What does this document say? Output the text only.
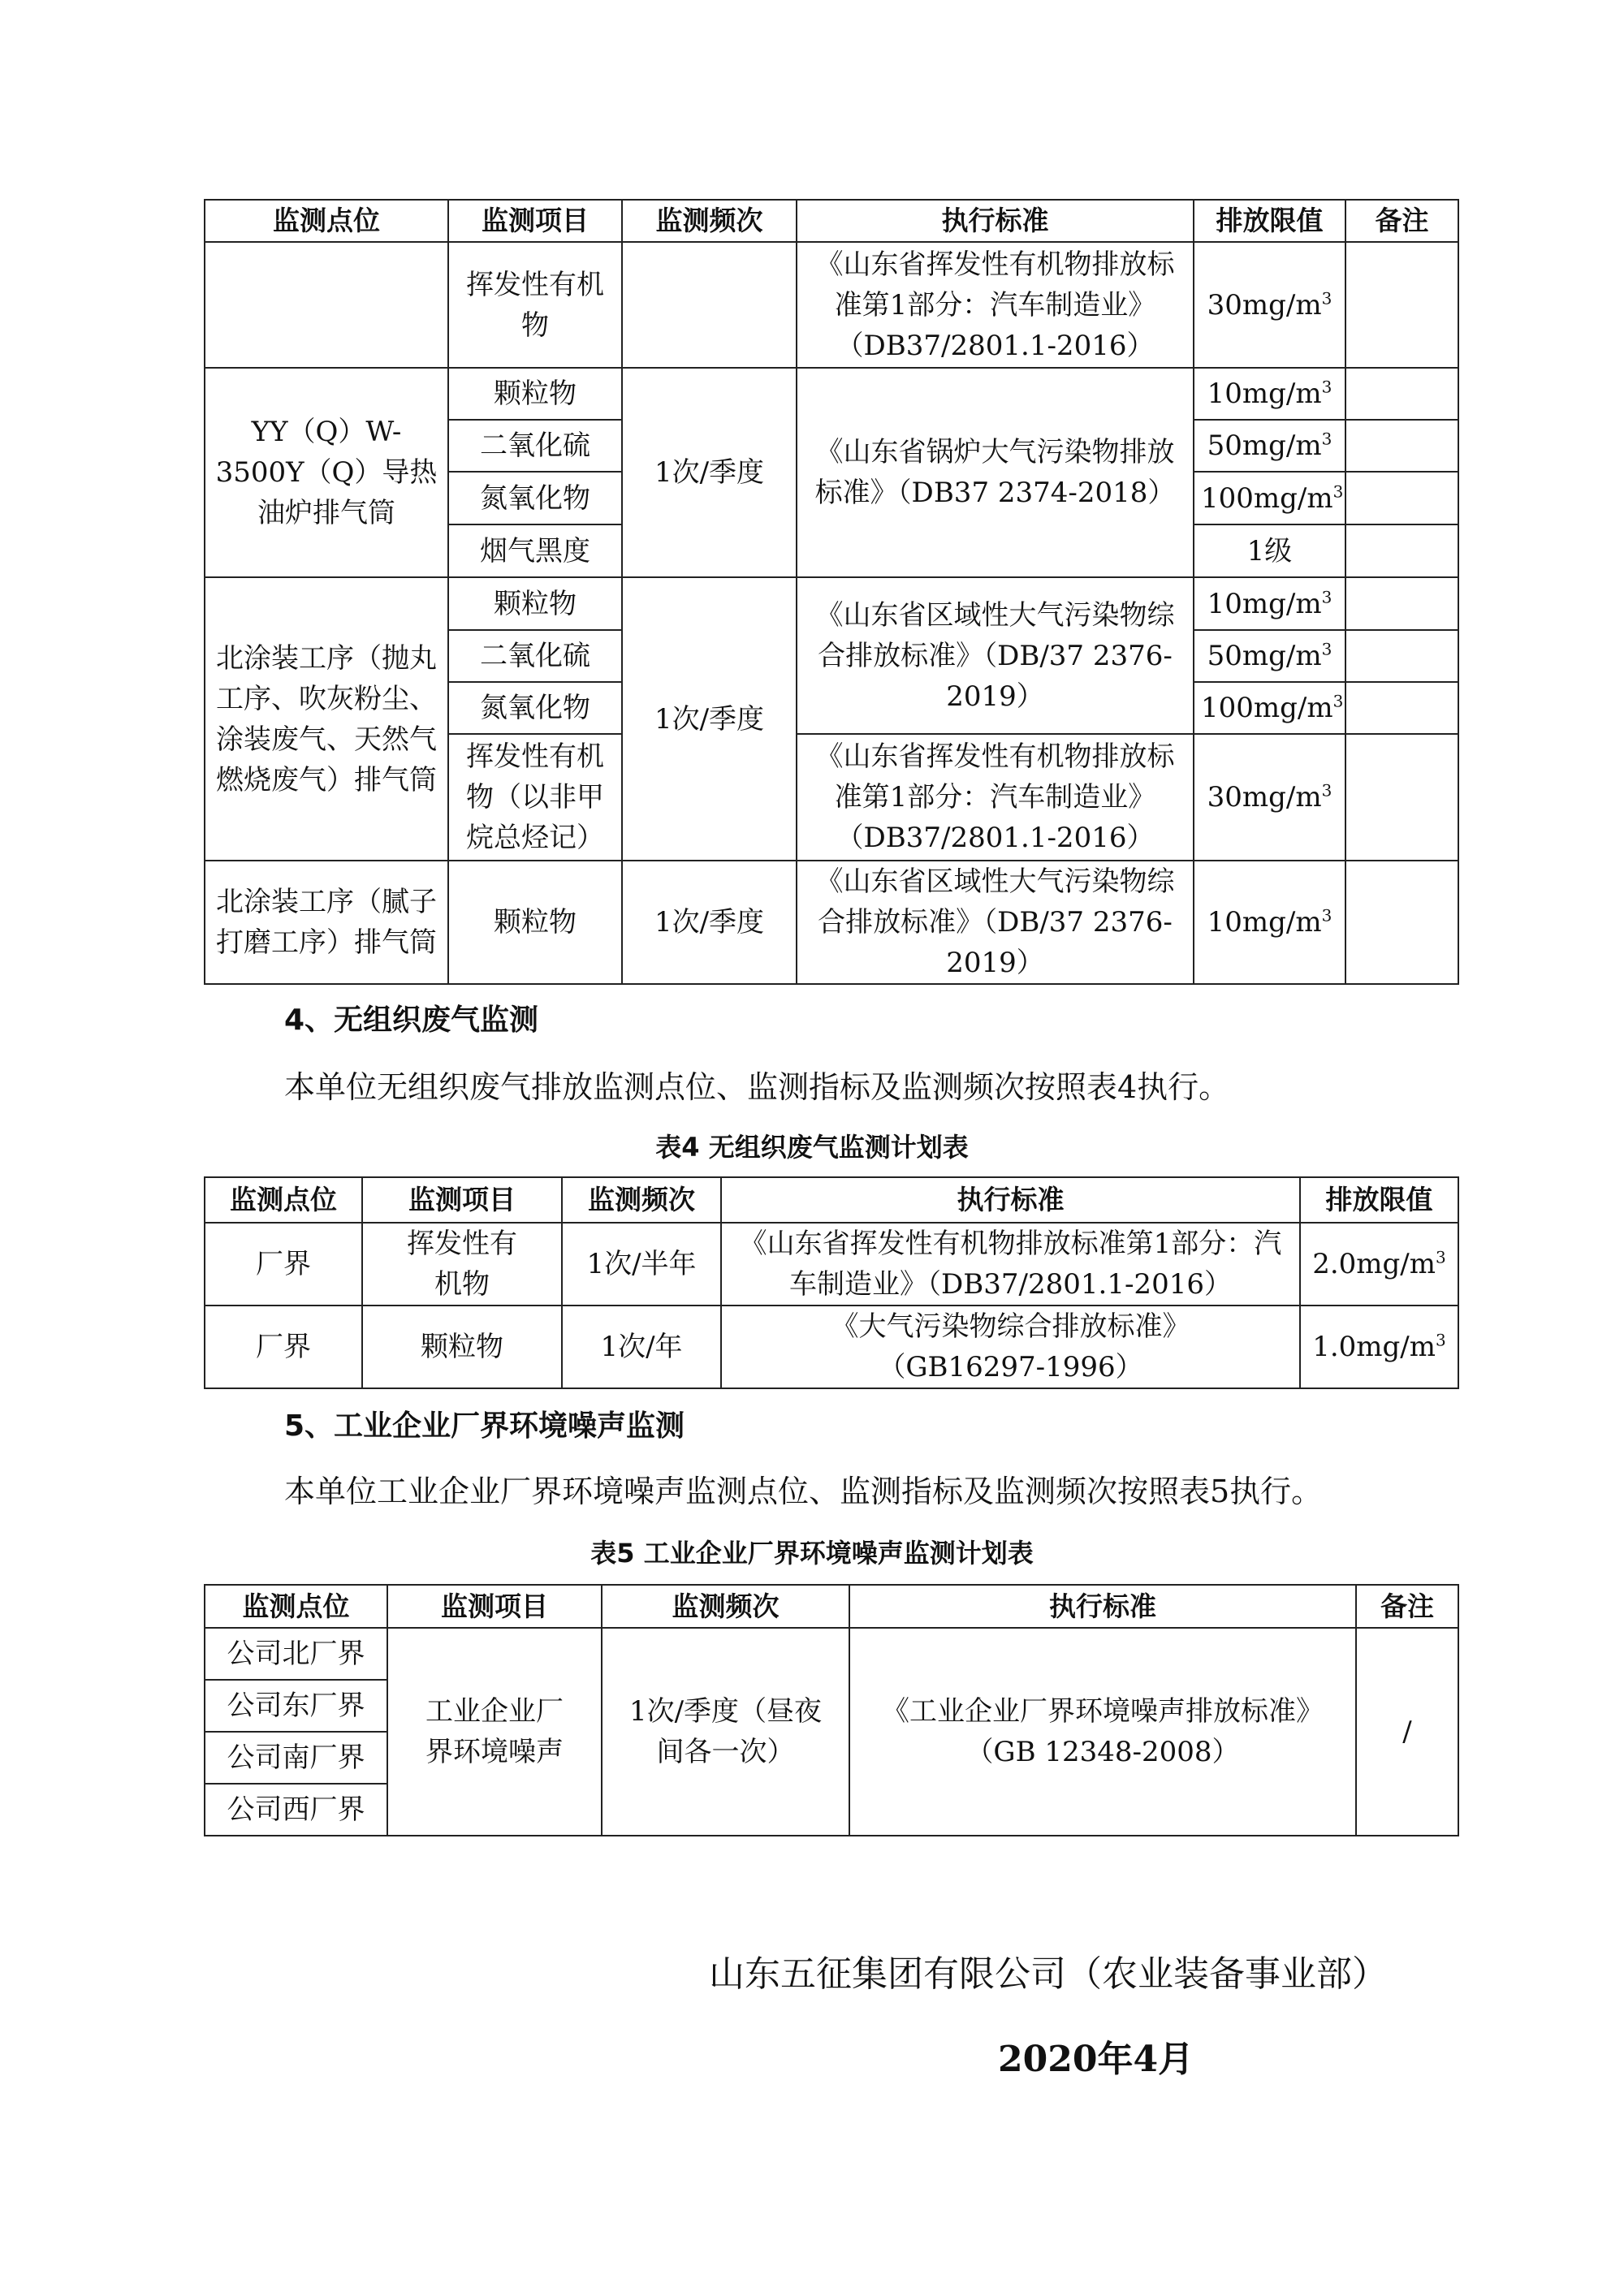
监测点位	监测项目	监测频次	执行标准	排放限值	备注
	挥发性有机物		《山东省挥发性有机物排放标准第1部分：汽车制造业》（DB37/2801.1-2016）	$30mg/m^3$	
YY（Q）W-3500Y（Q）导热油炉排气筒	颗粒物	1次/季度	《山东省锅炉大气污染物排放标准》（DB37 2374-2018）	$10mg/m^3$	
	二氧化硫			$50mg/m^3$	
	氮氧化物			$100mg/m^3$	
	烟气黑度			1级	
北涂装工序（抛丸工序、吹灰粉尘、涂装废气、天然气燃烧废气）排气筒	颗粒物	1次/季度	《山东省区域性大气污染物综合排放标准》（DB/37 2376-2019）	$10mg/m^3$	
	二氧化硫			$50mg/m^3$	
	氮氧化物			$100mg/m^3$	
	挥发性有机物（以非甲烷总烃记）		《山东省挥发性有机物排放标准第1部分：汽车制造业》（DB37/2801.1-2016）	$30mg/m^3$	
北涂装工序（腻子打磨工序）排气筒	颗粒物	1次/季度	《山东省区域性大气污染物综合排放标准》（DB/37 2376-2019）	$10mg/m^3$	
4、无组织废气监测
本单位无组织废气排放监测点位、监测指标及监测频次按照表4执行。
表4 无组织废气监测计划表
监测点位	监测项目	监测频次	执行标准	排放限值
厂界	挥发性有机物	1次/半年	《山东省挥发性有机物排放标准第1部分：汽车制造业》（DB37/2801.1-2016）	$2.0mg/m^3$
厂界	颗粒物	1次/年	《大气污染物综合排放标准》（GB16297-1996）	$1.0mg/m^3$
5、工业企业厂界环境噪声监测
本单位工业企业厂界环境噪声监测点位、监测指标及监测频次按照表5执行。
表5 工业企业厂界环境噪声监测计划表
监测点位	监测项目	监测频次	执行标准	备注
公司北厂界	工业企业厂界环境噪声	1次/季度（昼夜间各一次）	《工业企业厂界环境噪声排放标准》（GB 12348-2008）	/
公司东厂界				
公司南厂界				
公司西厂界				
山东五征集团有限公司（农业装备事业部）
2020年4月
